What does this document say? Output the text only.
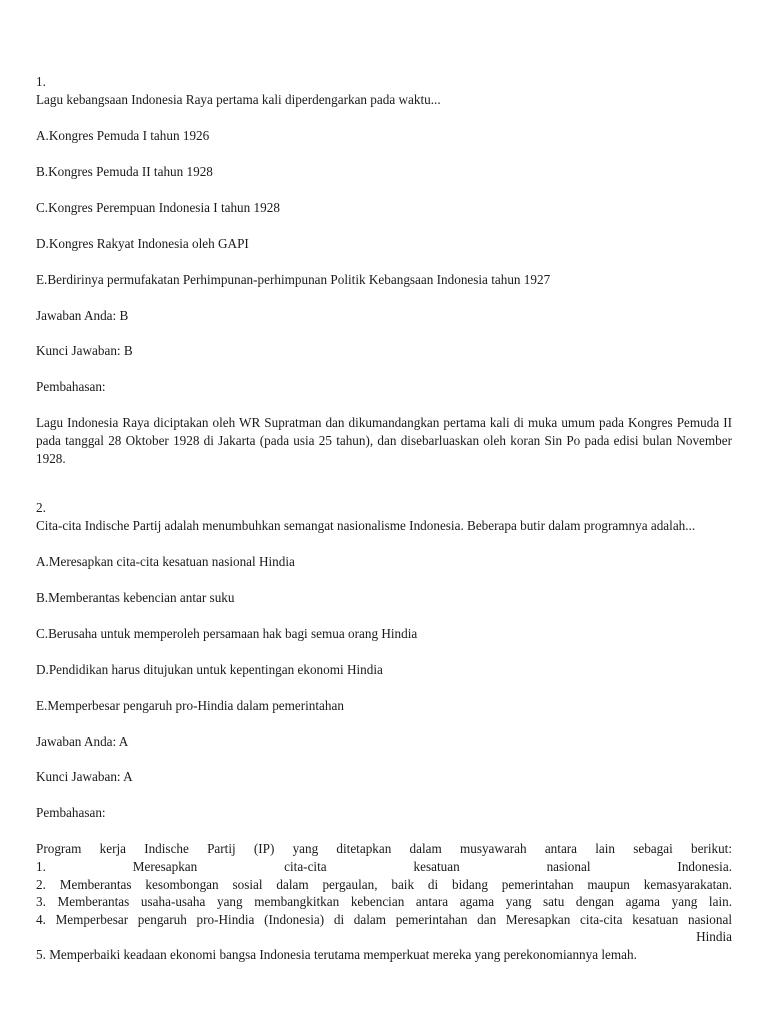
1.
Lagu kebangsaan Indonesia Raya pertama kali diperdengarkan pada waktu...
A.Kongres Pemuda I tahun 1926
B.Kongres Pemuda II tahun 1928
C.Kongres Perempuan Indonesia I tahun 1928
D.Kongres Rakyat Indonesia oleh GAPI
E.Berdirinya permufakatan Perhimpunan-perhimpunan Politik Kebangsaan Indonesia tahun 1927
Jawaban Anda: B
Kunci Jawaban: B
Pembahasan:
Lagu Indonesia Raya diciptakan oleh WR Supratman dan dikumandangkan pertama kali di muka umum pada Kongres Pemuda II pada tanggal 28 Oktober 1928 di Jakarta (pada usia 25 tahun), dan disebarluaskan oleh koran Sin Po pada edisi bulan November 1928.
2.
Cita-cita Indische Partij adalah menumbuhkan semangat nasionalisme Indonesia. Beberapa butir dalam programnya adalah...
A.Meresapkan cita-cita kesatuan nasional Hindia
B.Memberantas kebencian antar suku
C.Berusaha untuk memperoleh persamaan hak bagi semua orang Hindia
D.Pendidikan harus ditujukan untuk kepentingan ekonomi Hindia
E.Memperbesar pengaruh pro-Hindia dalam pemerintahan
Jawaban Anda: A
Kunci Jawaban: A
Pembahasan:
Program kerja Indische Partij (IP) yang ditetapkan dalam musyawarah antara lain sebagai berikut:
1. Meresapkan cita-cita kesatuan nasional Indonesia.
2. Memberantas kesombongan sosial dalam pergaulan, baik di bidang pemerintahan maupun kemasyarakatan.
3. Memberantas usaha-usaha yang membangkitkan kebencian antara agama yang satu dengan agama yang lain.
4. Memperbesar pengaruh pro-Hindia (Indonesia) di dalam pemerintahan dan Meresapkan cita-cita kesatuan nasional
Hindia
5. Memperbaiki keadaan ekonomi bangsa Indonesia terutama memperkuat mereka yang perekonomiannya lemah.
